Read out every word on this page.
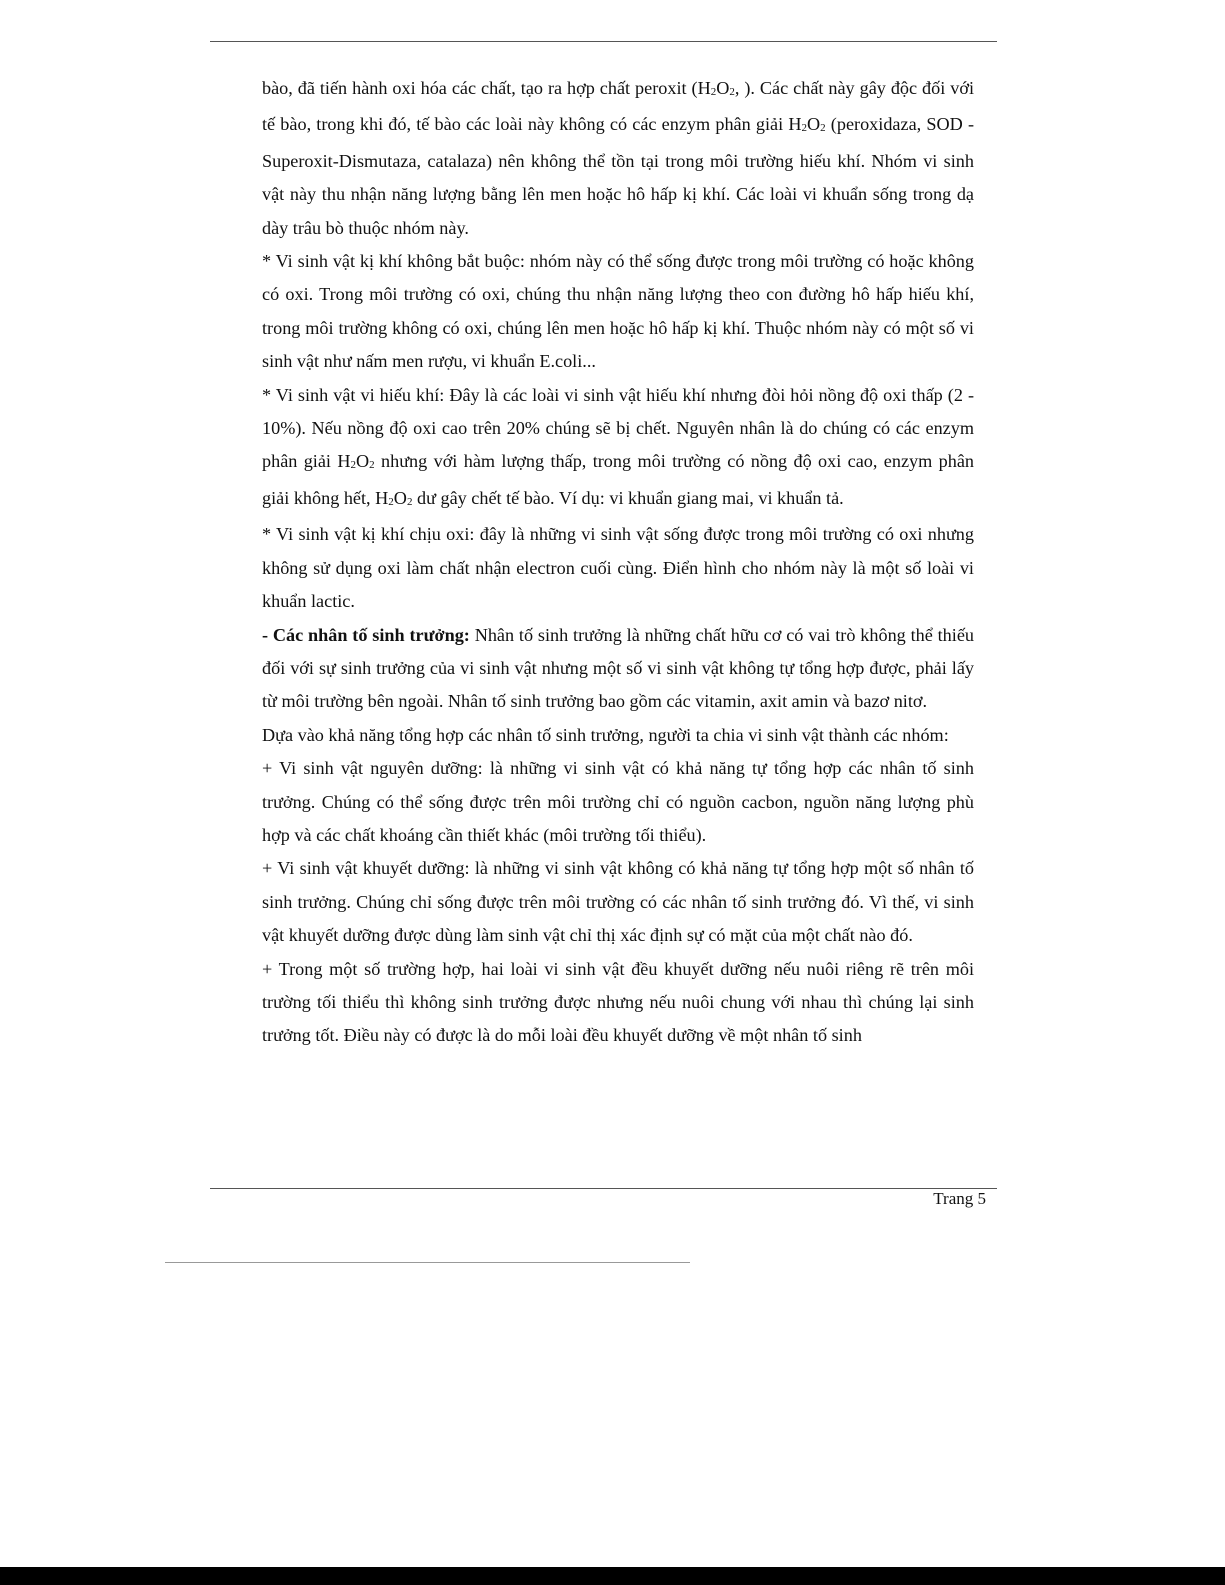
bào, đã tiến hành oxi hóa các chất, tạo ra hợp chất peroxit ($H_2O_2$, ). Các chất này gây độc đối với tế bào, trong khi đó, tế bào các loài này không có các enzym phân giải $H_2O_2$ (peroxidaza, SOD - Superoxit-Dismutaza, catalaza) nên không thể tồn tại trong môi trường hiếu khí. Nhóm vi sinh vật này thu nhận năng lượng bằng lên men hoặc hô hấp kị khí. Các loài vi khuẩn sống trong dạ dày trâu bò thuộc nhóm này.

* Vi sinh vật kị khí không bắt buộc: nhóm này có thể sống được trong môi trường có hoặc không có oxi. Trong môi trường có oxi, chúng thu nhận năng lượng theo con đường hô hấp hiếu khí, trong môi trường không có oxi, chúng lên men hoặc hô hấp kị khí. Thuộc nhóm này có một số vi sinh vật như nấm men rượu, vi khuẩn E.coli...

* Vi sinh vật vi hiếu khí: Đây là các loài vi sinh vật hiếu khí nhưng đòi hỏi nồng độ oxi thấp (2 - 10%). Nếu nồng độ oxi cao trên 20% chúng sẽ bị chết. Nguyên nhân là do chúng có các enzym phân giải $H_2O_2$ nhưng với hàm lượng thấp, trong môi trường có nồng độ oxi cao, enzym phân giải không hết, $H_2O_2$ dư gây chết tế bào. Ví dụ: vi khuẩn giang mai, vi khuẩn tả.

* Vi sinh vật kị khí chịu oxi: đây là những vi sinh vật sống được trong môi trường có oxi nhưng không sử dụng oxi làm chất nhận electron cuối cùng. Điển hình cho nhóm này là một số loài vi khuẩn lactic.

- Các nhân tố sinh trưởng: Nhân tố sinh trưởng là những chất hữu cơ có vai trò không thể thiếu đối với sự sinh trưởng của vi sinh vật nhưng một số vi sinh vật không tự tổng hợp được, phải lấy từ môi trường bên ngoài. Nhân tố sinh trưởng bao gồm các vitamin, axit amin và bazơ nitơ.

Dựa vào khả năng tổng hợp các nhân tố sinh trưởng, người ta chia vi sinh vật thành các nhóm:

+ Vi sinh vật nguyên dưỡng: là những vi sinh vật có khả năng tự tổng hợp các nhân tố sinh trưởng. Chúng có thể sống được trên môi trường chỉ có nguồn cacbon, nguồn năng lượng phù hợp và các chất khoáng cần thiết khác (môi trường tối thiểu).

+ Vi sinh vật khuyết dưỡng: là những vi sinh vật không có khả năng tự tổng hợp một số nhân tố sinh trưởng. Chúng chỉ sống được trên môi trường có các nhân tố sinh trưởng đó. Vì thế, vi sinh vật khuyết dưỡng được dùng làm sinh vật chỉ thị xác định sự có mặt của một chất nào đó.

+ Trong một số trường hợp, hai loài vi sinh vật đều khuyết dưỡng nếu nuôi riêng rẽ trên môi trường tối thiểu thì không sinh trưởng được nhưng nếu nuôi chung với nhau thì chúng lại sinh trưởng tốt. Điều này có được là do mỗi loài đều khuyết dưỡng về một nhân tố sinh

Trang 5
